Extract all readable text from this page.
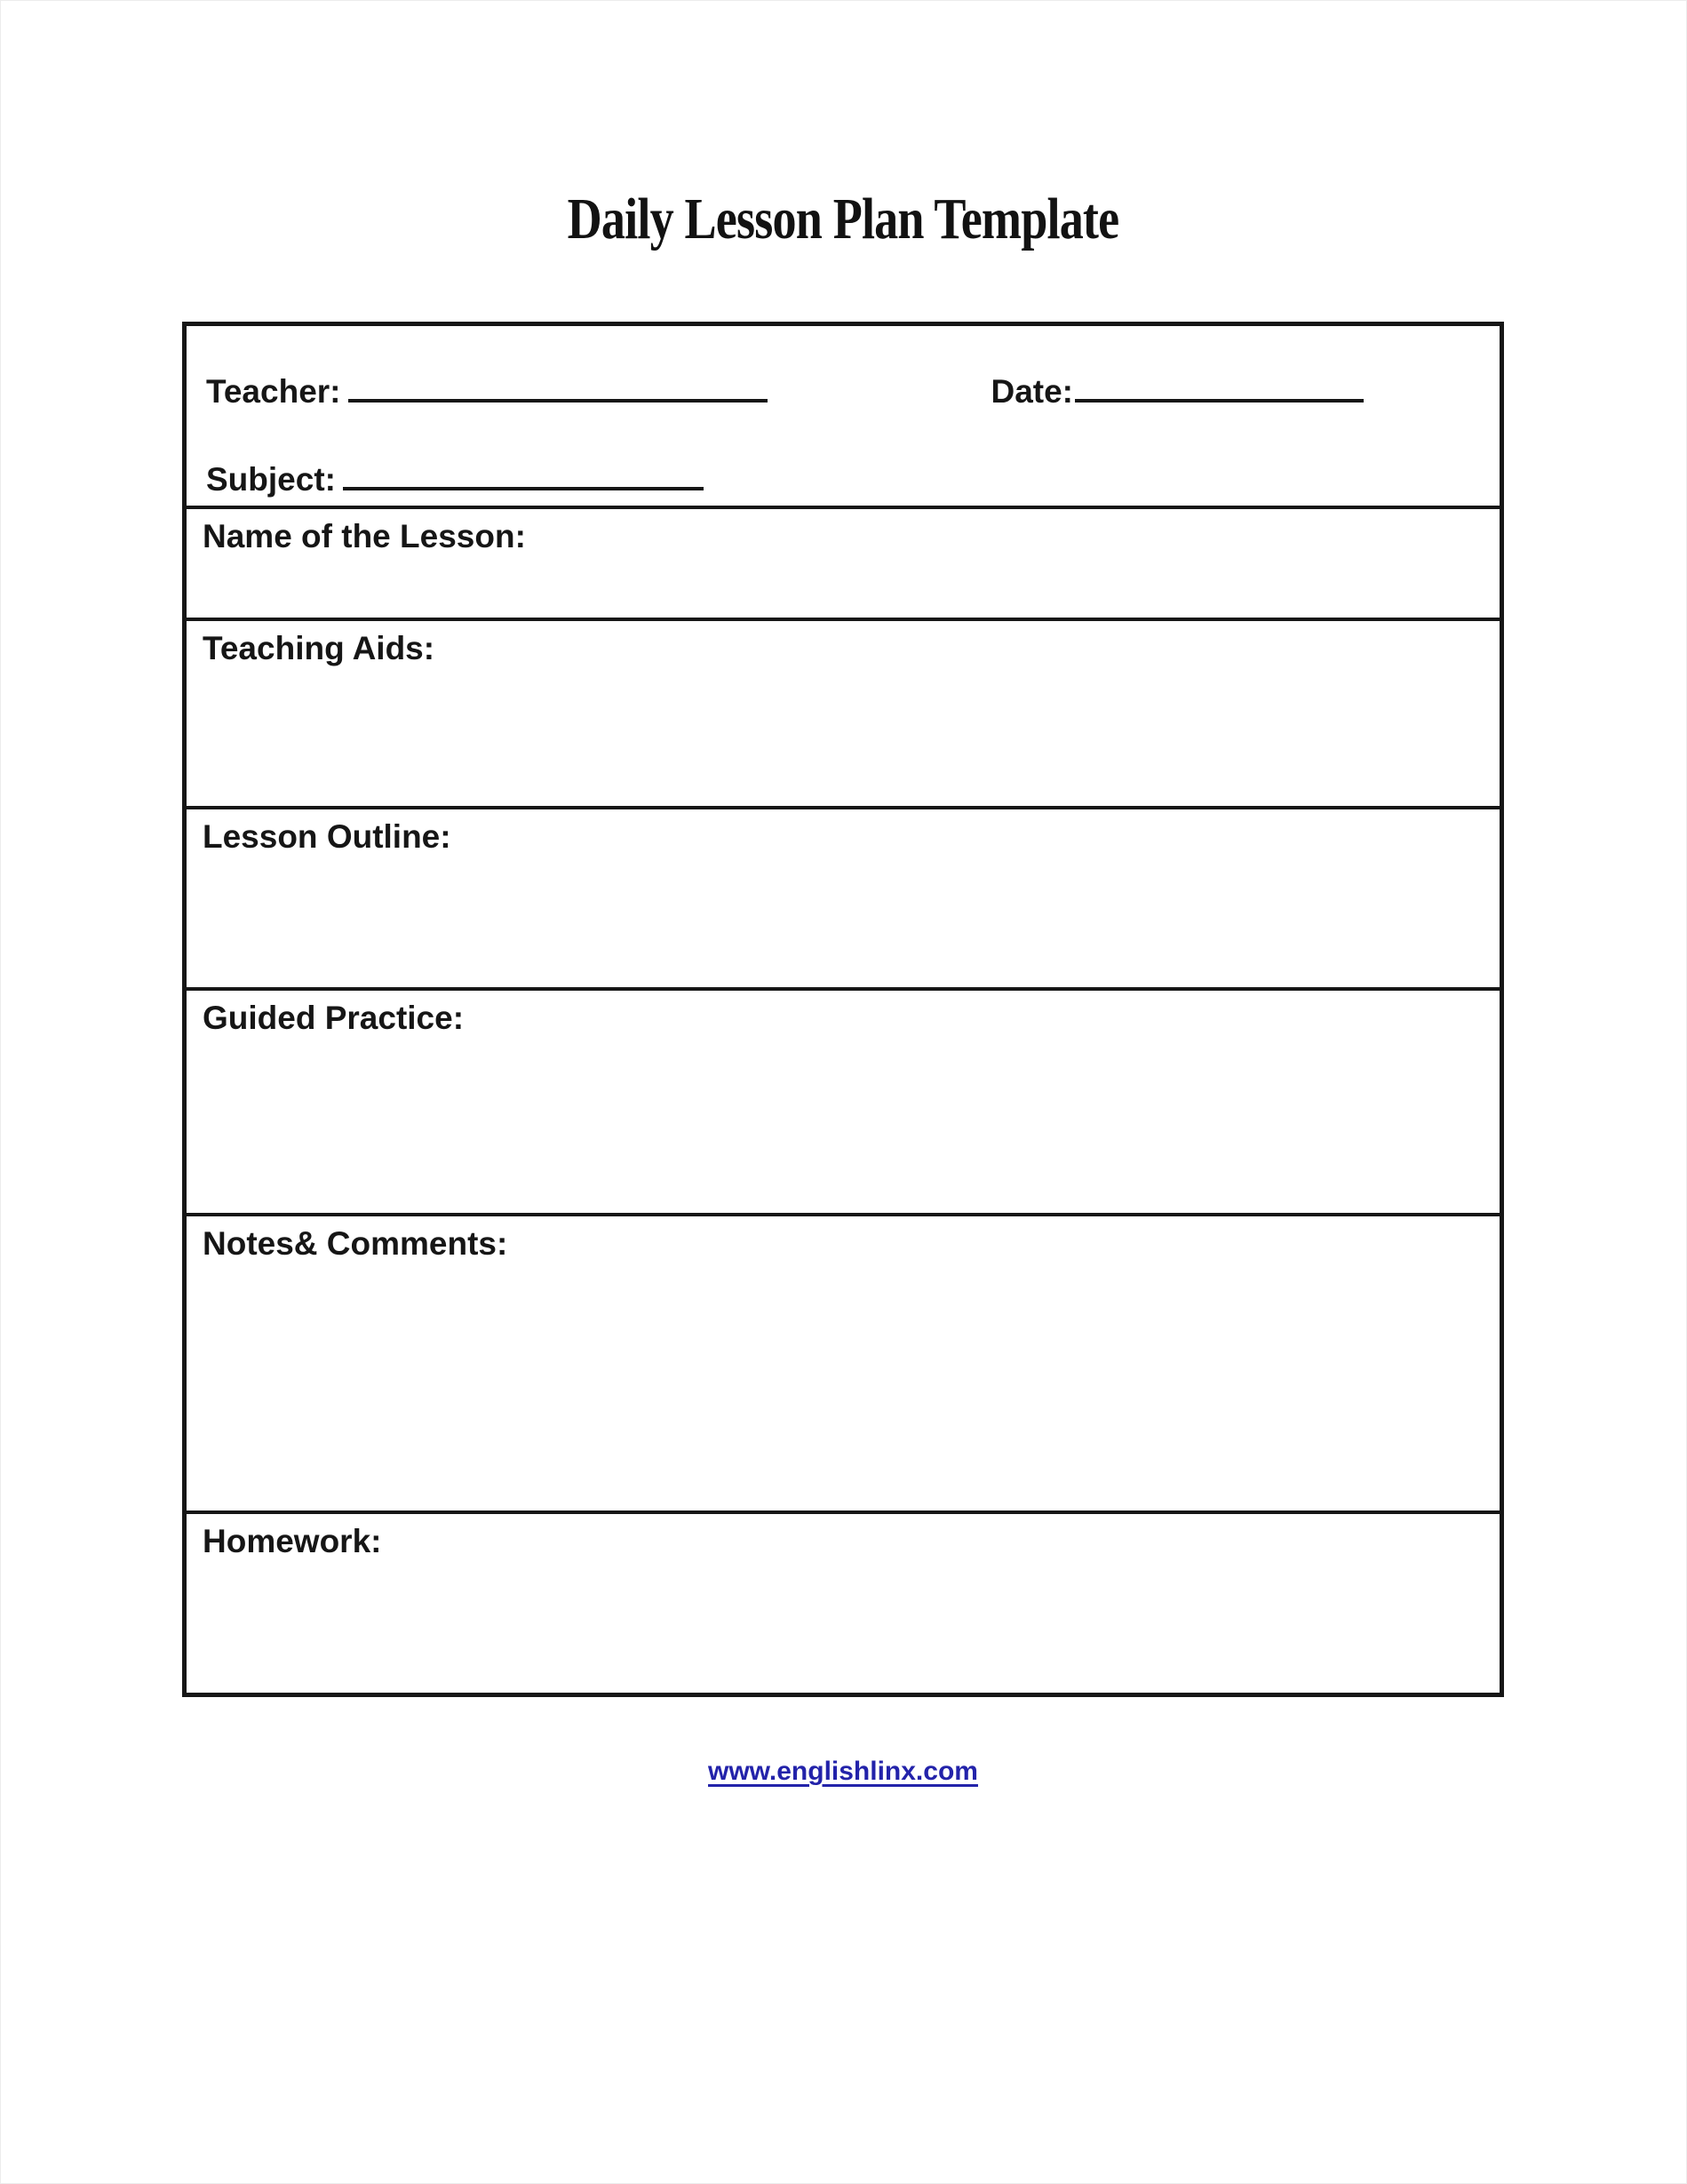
Daily Lesson Plan Template
Teacher:	Date:
Subject:
Name of the Lesson:
Teaching Aids:
Lesson Outline:
Guided Practice:
Notes& Comments:
Homework:
www.englishlinx.com
